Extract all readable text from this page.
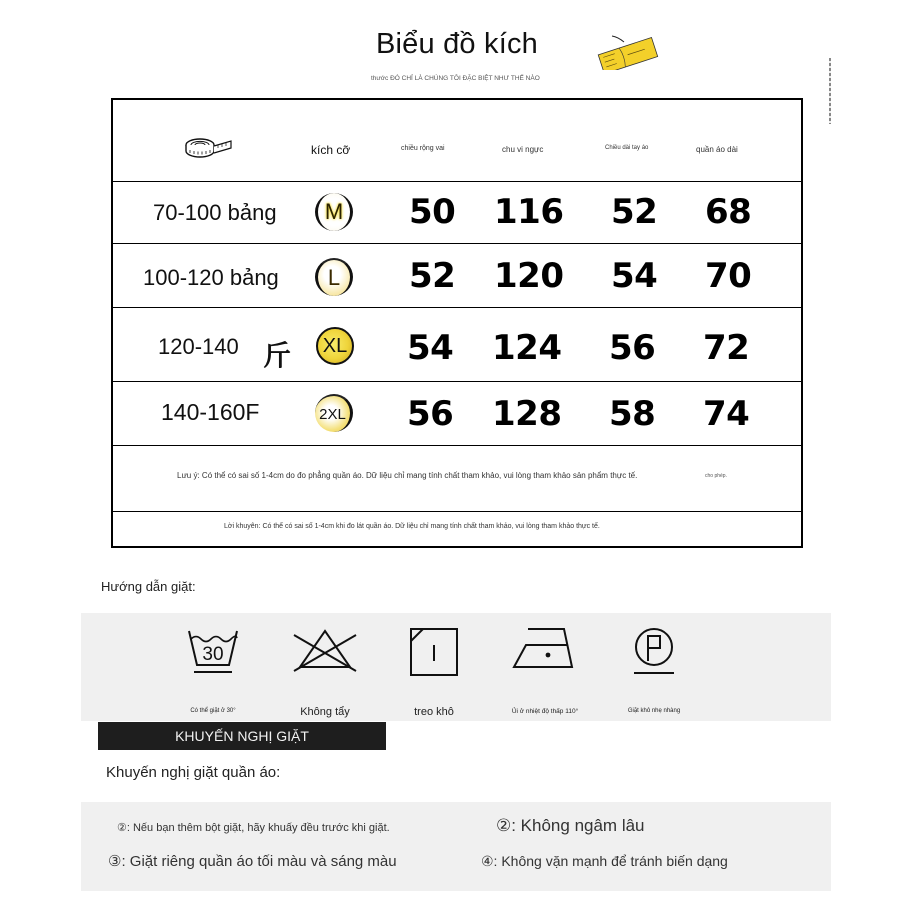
Biểu đồ kích
thước ĐÓ CHỈ LÀ CHÚNG TÔI ĐẶC BIỆT NHƯ THẾ NÀO
kích cỡ	chiều rộng vai	chu vi ngực	Chiều dài tay áo	quần áo dài
70-100 bảng M 50 116 52 68
100-120 bảng L 52 120 54 70
120-140 斤 XL 54 124 56 72
140-160F	2XL 56 128 58 74
Lưu ý: Có thể có sai số 1-4cm do đo phẳng quần áo. Dữ liệu chỉ mang tính chất tham khảo, vui lòng tham khảo sản phẩm thực tế.	cho phép.
Lời khuyên: Có thể có sai số 1-4cm khi đo lát quần áo. Dữ liệu chỉ mang tính chất tham khảo, vui lòng tham khảo thực tế.
Hướng dẫn giặt:
30
Có thể giặt ở 30°	Không tẩy	treo khô	Ủi ở nhiệt độ thấp 110°	Giặt khô nhẹ nhàng
KHUYẾN NGHỊ GIẶT
Khuyến nghị giặt quần áo:
②: Nếu bạn thêm bột giặt, hãy khuấy đều trước khi giặt.	②: Không ngâm lâu
③: Giặt riêng quần áo tối màu và sáng màu	④: Không vặn mạnh để tránh biến dạng
